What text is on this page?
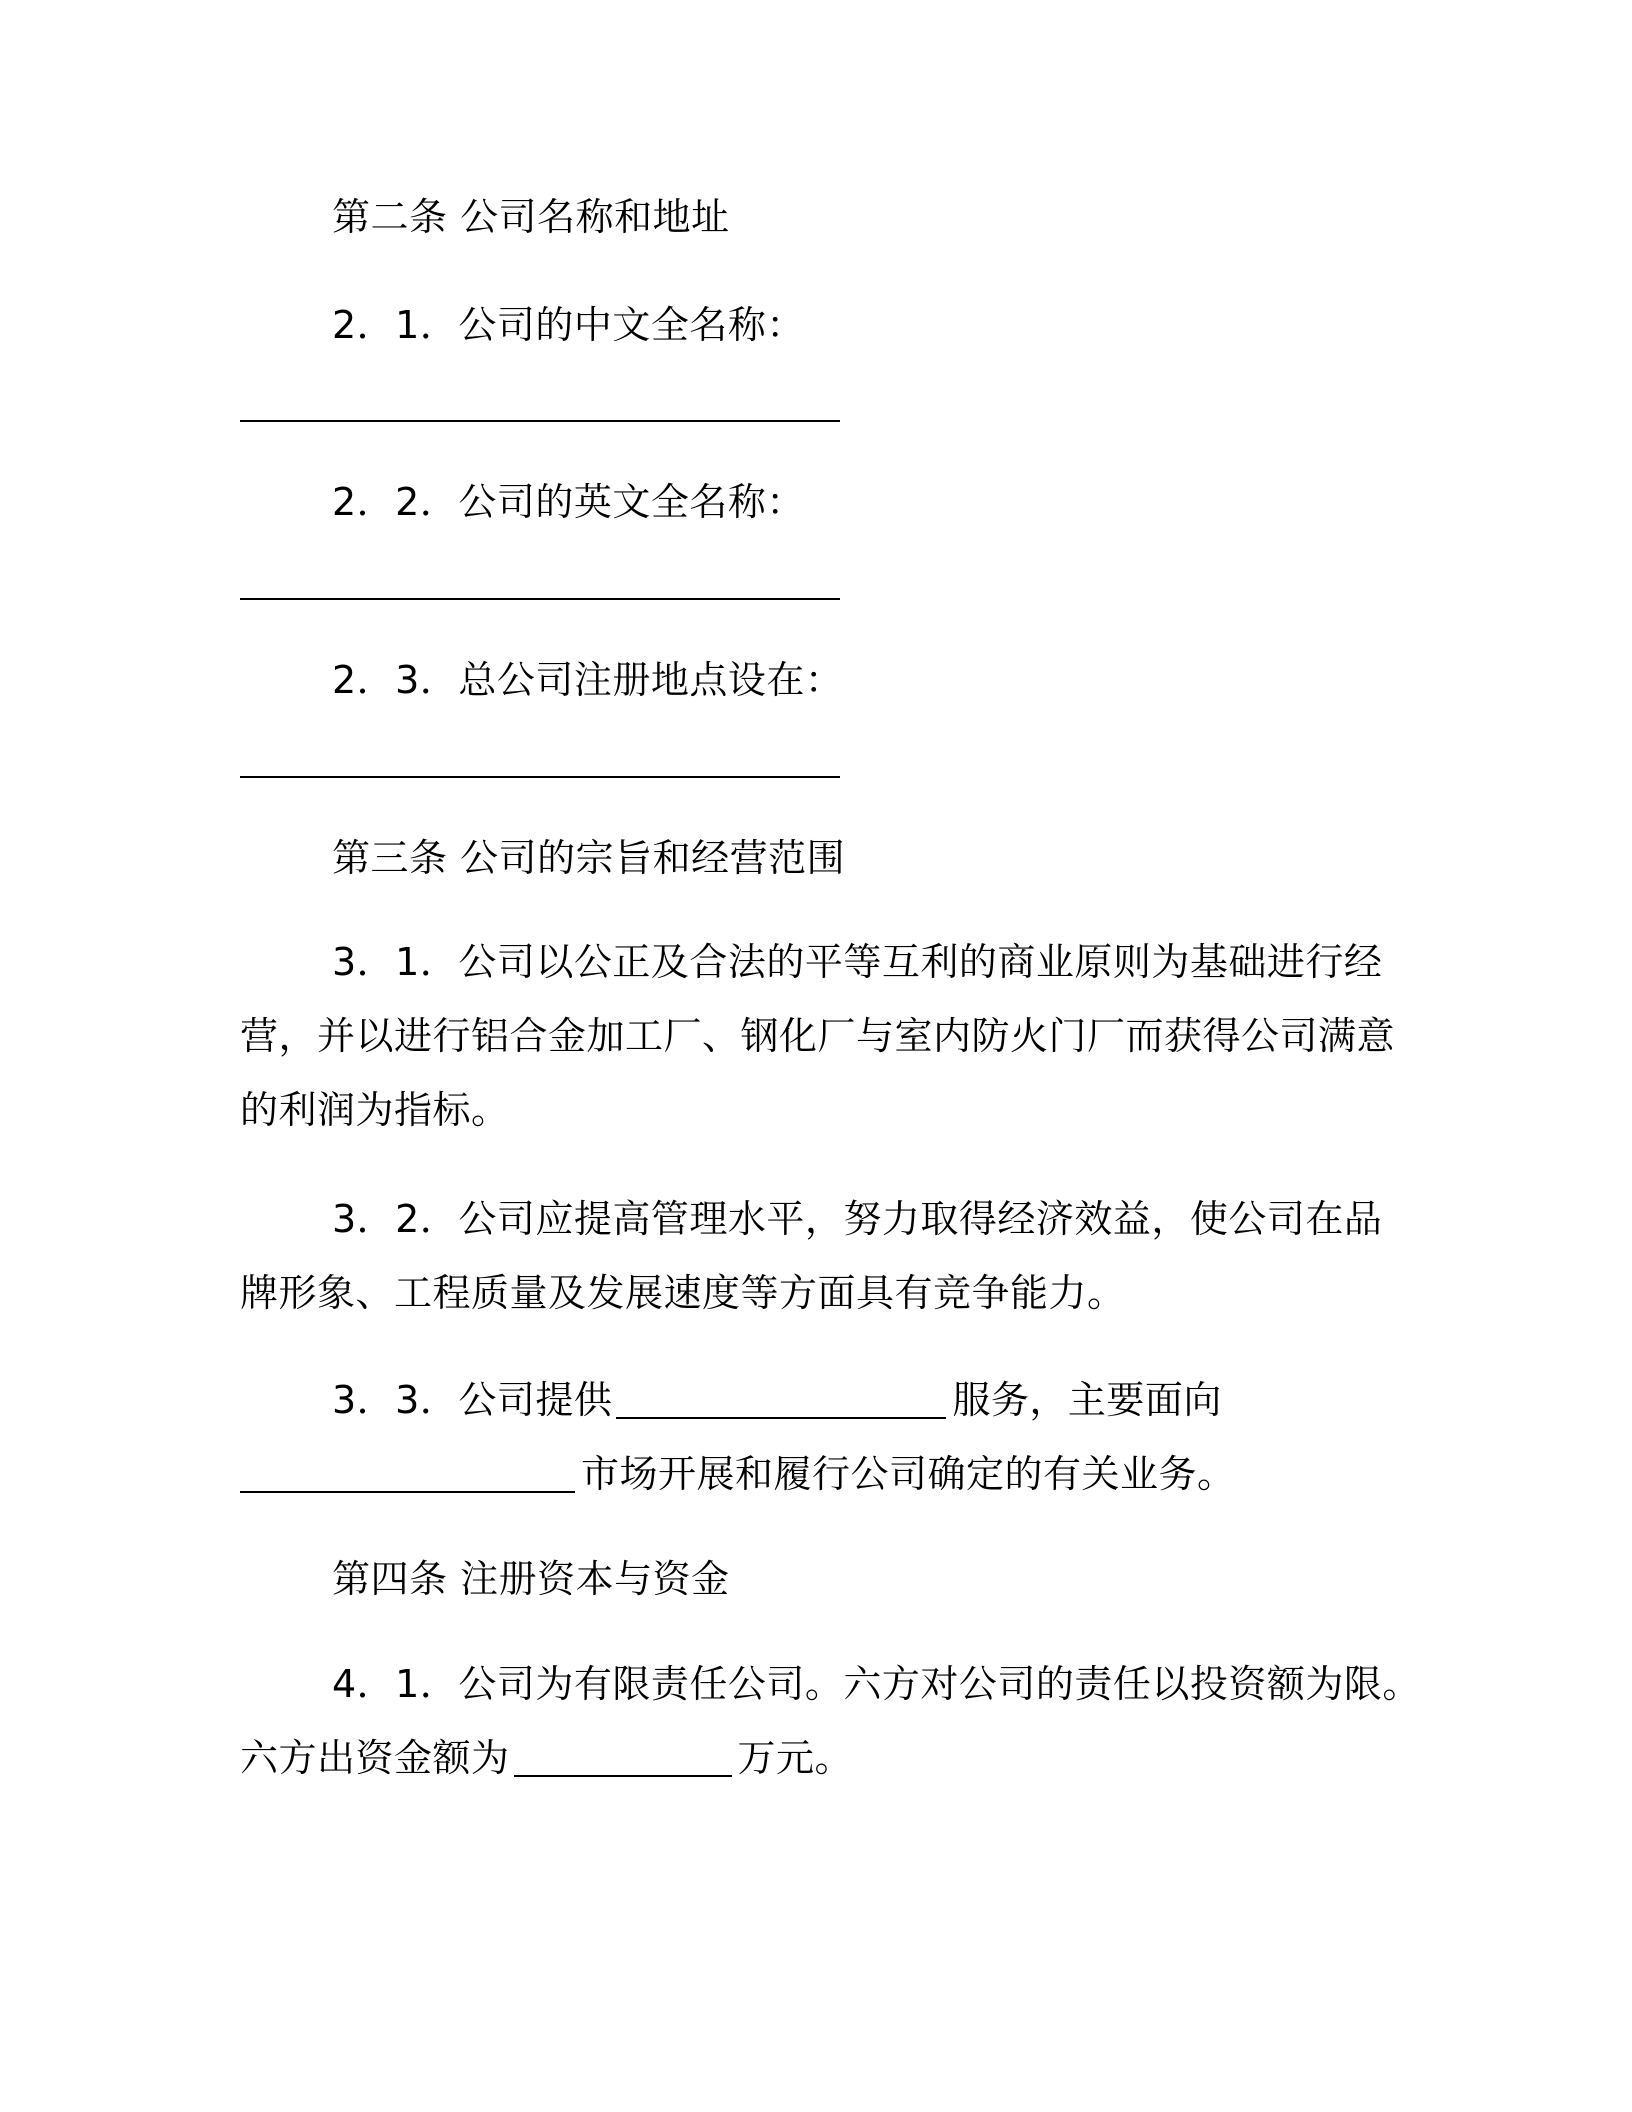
第二条 公司名称和地址
2．1．公司的中文全名称：
2．2．公司的英文全名称：
2．3．总公司注册地点设在：
第三条 公司的宗旨和经营范围
3．1．公司以公正及合法的平等互利的商业原则为基础进行经
营，并以进行铝合金加工厂、钢化厂与室内防火门厂而获得公司满意
的利润为指标。
3．2．公司应提高管理水平，努力取得经济效益，使公司在品
牌形象、工程质量及发展速度等方面具有竞争能力。
3．3．公司提供	服务，主要面向
市场开展和履行公司确定的有关业务。
第四条 注册资本与资金
4．1．公司为有限责任公司。六方对公司的责任以投资额为限。
六方出资金额为	万元。
